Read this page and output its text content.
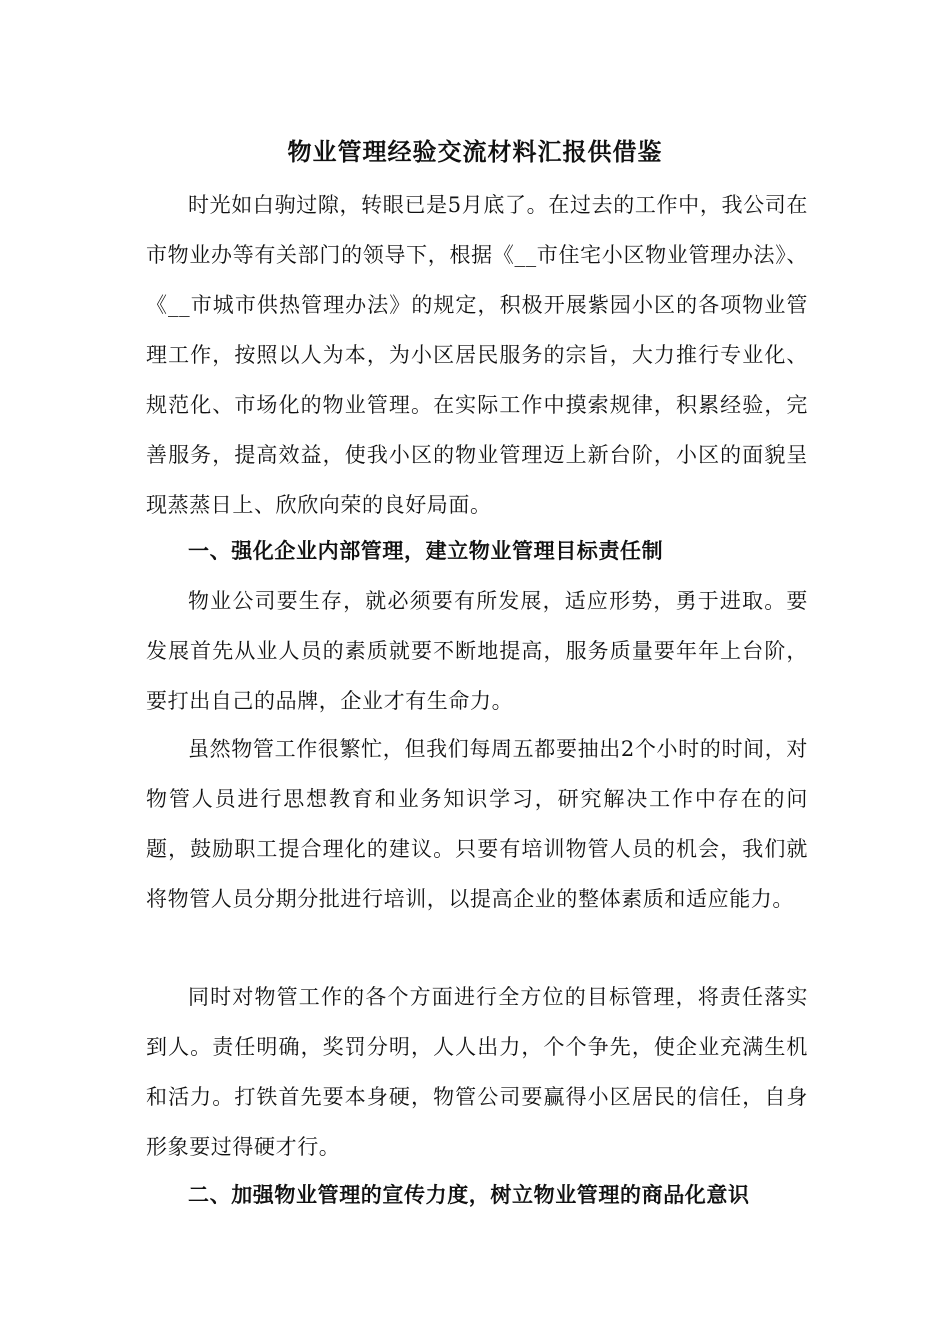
物业管理经验交流材料汇报供借鉴

时光如白驹过隙，转眼已是5月底了。在过去的工作中，我公司在市物业办等有关部门的领导下，根据《__市住宅小区物业管理办法》、《__市城市供热管理办法》的规定，积极开展紫园小区的各项物业管理工作，按照以人为本，为小区居民服务的宗旨，大力推行专业化、规范化、市场化的物业管理。在实际工作中摸索规律，积累经验，完善服务，提高效益，使我小区的物业管理迈上新台阶，小区的面貌呈现蒸蒸日上、欣欣向荣的良好局面。

一、强化企业内部管理，建立物业管理目标责任制

物业公司要生存，就必须要有所发展，适应形势，勇于进取。要发展首先从业人员的素质就要不断地提高，服务质量要年年上台阶，要打出自己的品牌，企业才有生命力。

虽然物管工作很繁忙，但我们每周五都要抽出2个小时的时间，对物管人员进行思想教育和业务知识学习，研究解决工作中存在的问题，鼓励职工提合理化的建议。只要有培训物管人员的机会，我们就将物管人员分期分批进行培训，以提高企业的整体素质和适应能力。

同时对物管工作的各个方面进行全方位的目标管理，将责任落实到人。责任明确，奖罚分明，人人出力，个个争先，使企业充满生机和活力。打铁首先要本身硬，物管公司要赢得小区居民的信任，自身形象要过得硬才行。

二、加强物业管理的宣传力度，树立物业管理的商品化意识
